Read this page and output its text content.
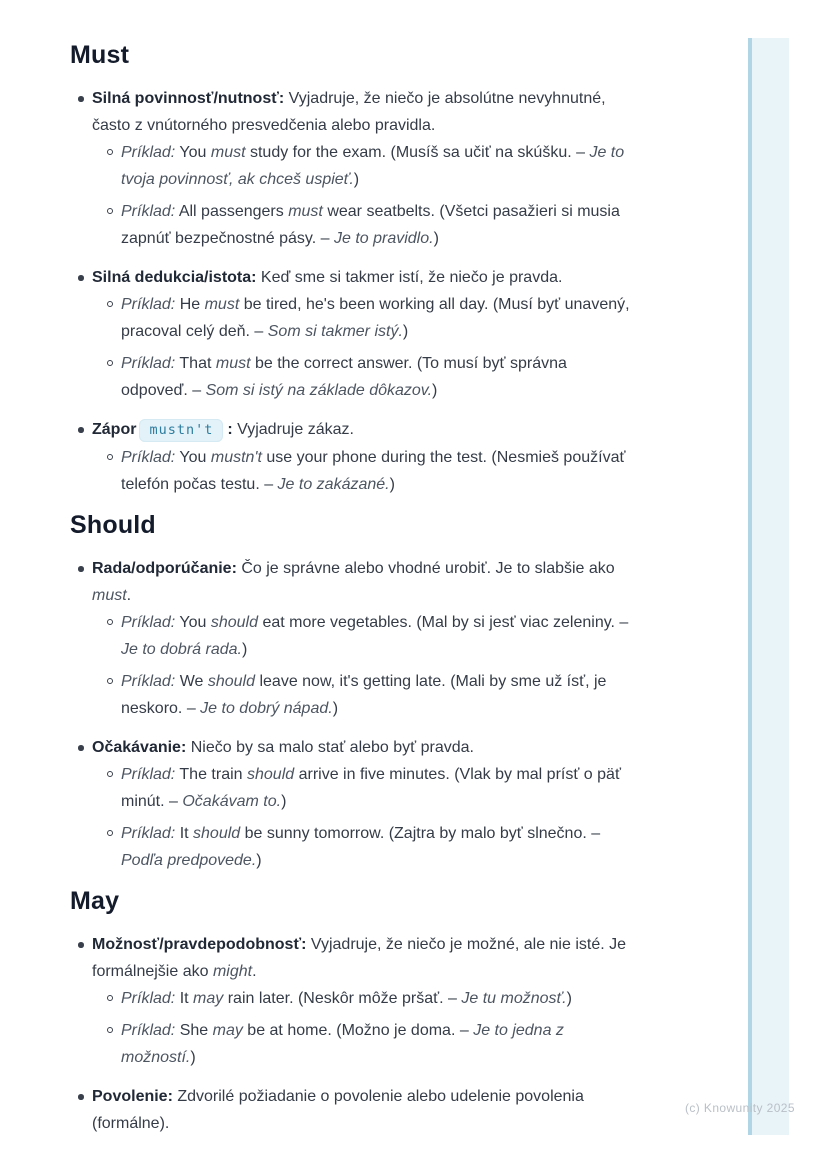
Must
Silná povinnosť/nutnosť: Vyjadruje, že niečo je absolútne nevyhnutné, často z vnútorného presvedčenia alebo pravidla.
Príklad: You must study for the exam. (Musíš sa učiť na skúšku. – Je to tvoja povinnosť, ak chceš uspieť.)
Príklad: All passengers must wear seatbelts. (Všetci pasažieri si musia zapnúť bezpečnostné pásy. – Je to pravidlo.)
Silná dedukcia/istota: Keď sme si takmer istí, že niečo je pravda.
Príklad: He must be tired, he's been working all day. (Musí byť unavený, pracoval celý deň. – Som si takmer istý.)
Príklad: That must be the correct answer. (To musí byť správna odpoveď. – Som si istý na základe dôkazov.)
Zápor mustn't : Vyjadruje zákaz.
Príklad: You mustn't use your phone during the test. (Nesmieš používať telefón počas testu. – Je to zakázané.)
Should
Rada/odporúčanie: Čo je správne alebo vhodné urobiť. Je to slabšie ako must.
Príklad: You should eat more vegetables. (Mal by si jesť viac zeleniny. – Je to dobrá rada.)
Príklad: We should leave now, it's getting late. (Mali by sme už ísť, je neskoro. – Je to dobrý nápad.)
Očakávanie: Niečo by sa malo stať alebo byť pravda.
Príklad: The train should arrive in five minutes. (Vlak by mal prísť o päť minút. – Očakávam to.)
Príklad: It should be sunny tomorrow. (Zajtra by malo byť slnečno. – Podľa predpovede.)
May
Možnosť/pravdepodobnosť: Vyjadruje, že niečo je možné, ale nie isté. Je formálnejšie ako might.
Príklad: It may rain later. (Neskôr môže pršať. – Je tu možnosť.)
Príklad: She may be at home. (Možno je doma. – Je to jedna z možností.)
Povolenie: Zdvorilé požiadanie o povolenie alebo udelenie povolenia (formálne).
(c) Knowunity 2025
